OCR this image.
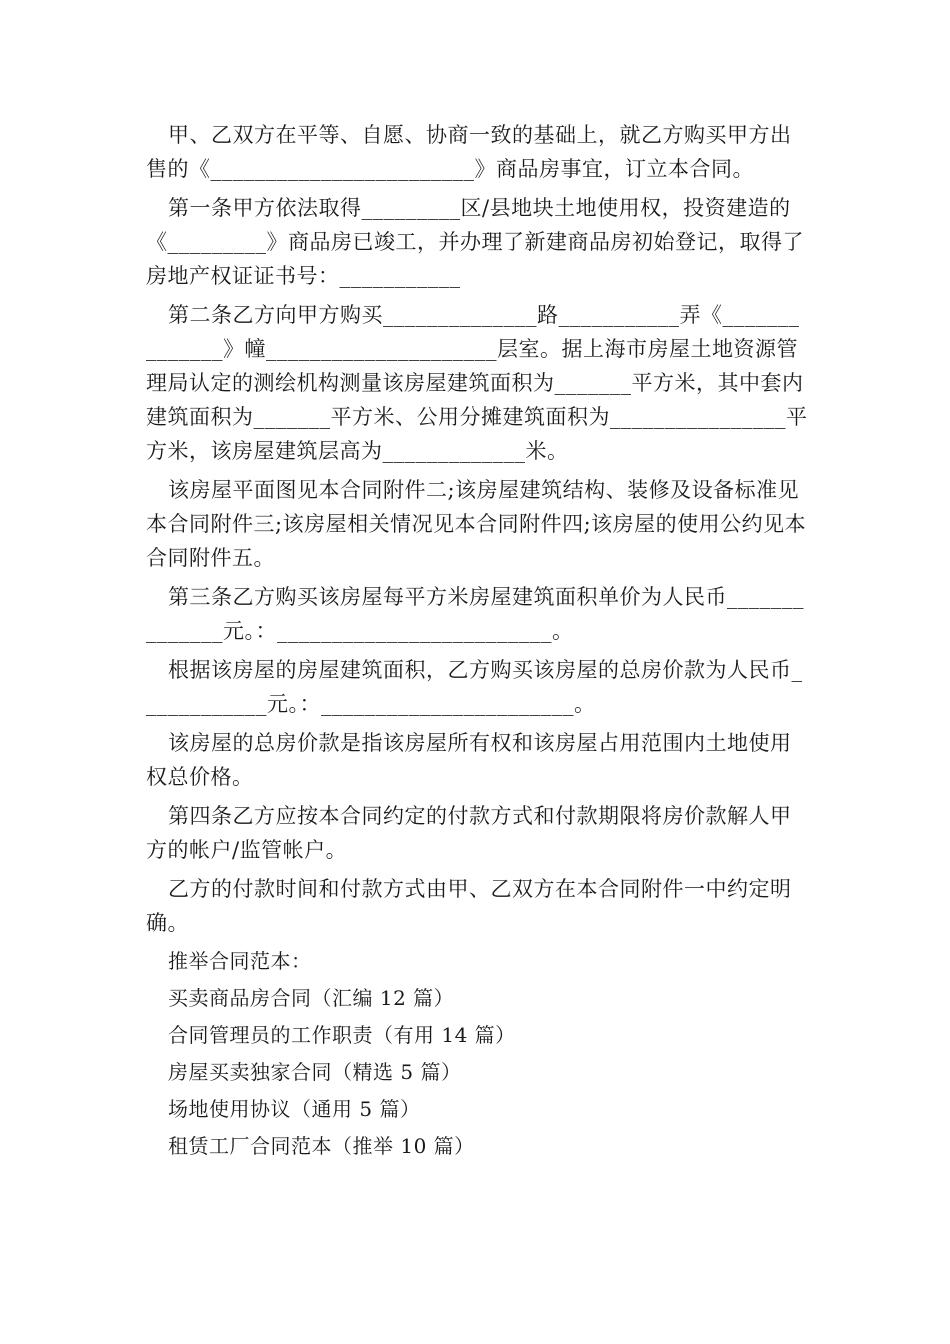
甲、乙双方在平等、自愿、协商一致的基础上，就乙方购买甲方出售的《________________________》商品房事宜，订立本合同。

第一条甲方依法取得_________区/县地块土地使用权，投资建造的《_________》商品房已竣工，并办理了新建商品房初始登记，取得了房地产权证证书号：___________

第二条乙方向甲方购买______________路___________弄《______________》幢_____________________层室。据上海市房屋土地资源管理局认定的测绘机构测量该房屋建筑面积为_______平方米，其中套内建筑面积为_______平方米、公用分摊建筑面积为________________平方米，该房屋建筑层高为_____________米。

该房屋平面图见本合同附件二;该房屋建筑结构、装修及设备标准见本合同附件三;该房屋相关情况见本合同附件四;该房屋的使用公约见本合同附件五。

第三条乙方购买该房屋每平方米房屋建筑面积单价为人民币______________元。：_________________________。

根据该房屋的房屋建筑面积，乙方购买该房屋的总房价款为人民币____________元。：_______________________。

该房屋的总房价款是指该房屋所有权和该房屋占用范围内土地使用权总价格。

第四条乙方应按本合同约定的付款方式和付款期限将房价款解人甲方的帐户/监管帐户。

乙方的付款时间和付款方式由甲、乙双方在本合同附件一中约定明确。

推举合同范本：
买卖商品房合同（汇编 12 篇）
合同管理员的工作职责（有用 14 篇）
房屋买卖独家合同（精选 5 篇）
场地使用协议（通用 5 篇）
租赁工厂合同范本（推举 10 篇）
